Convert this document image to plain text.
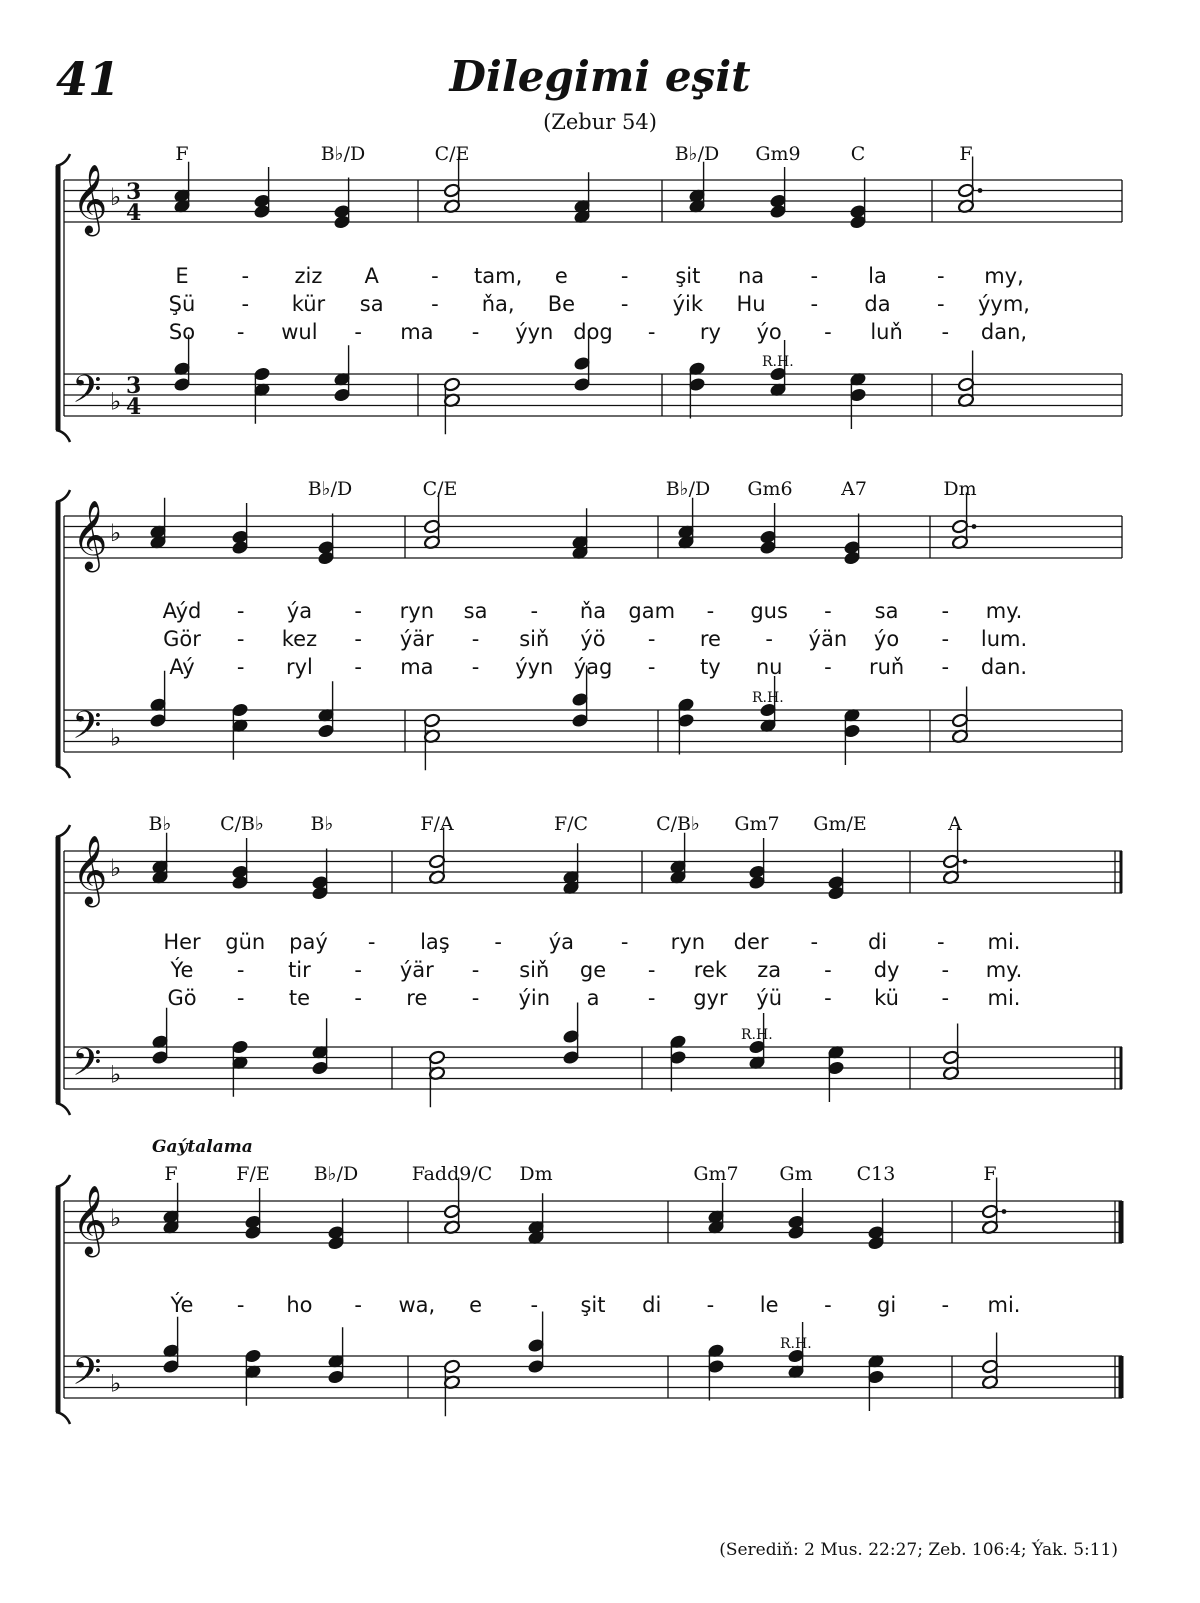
41	Dilegimi eşit
(Zebur 54)
𝄞
𝄢
♭
♭
3
4
3
4
R.H.
F	B♭/D	C/E	B♭/D Gm9	C	F
E	- ziz A - tam, e	- şit na - la - my,
Şü - kür sa - ňa, Be - ýik Hu - da - ýym,
So - wul - ma - ýyn dog - ry ýo - luň - dan,
𝄞
𝄢
♭
♭
R.H.
B♭/D	C/E	B♭/D Gm6	A7	Dm
Aýd - ýa - ryn sa - ňa gam - gus - sa - my.
Gör - kez - ýär - siň ýö - re - ýän ýo - lum.
Aý - ryl - ma - ýyn ýag - ty nu - ruň - dan.
𝄞
𝄢
♭
♭
R.H.
B♭	C/B♭ B♭	F/A	F/C	C/B♭ Gm7 Gm/E	A
Her gün paý - laş - ýa - ryn der - di - mi.
Ýe - tir - ýär - siň ge - rek za - dy - my.
Gö - te - re - ýin a - gyr ýü - kü - mi.
𝄞
𝄢
♭
♭
R.H.
F	F/E B♭/D	Fadd9/C Dm	Gm7 Gm C13	F
Ýe - ho - wa, e - şit di - le - gi - mi.
Gaýtalama
(Serediň: 2 Mus. 22:27; Zeb. 106:4; Ýak. 5:11)
